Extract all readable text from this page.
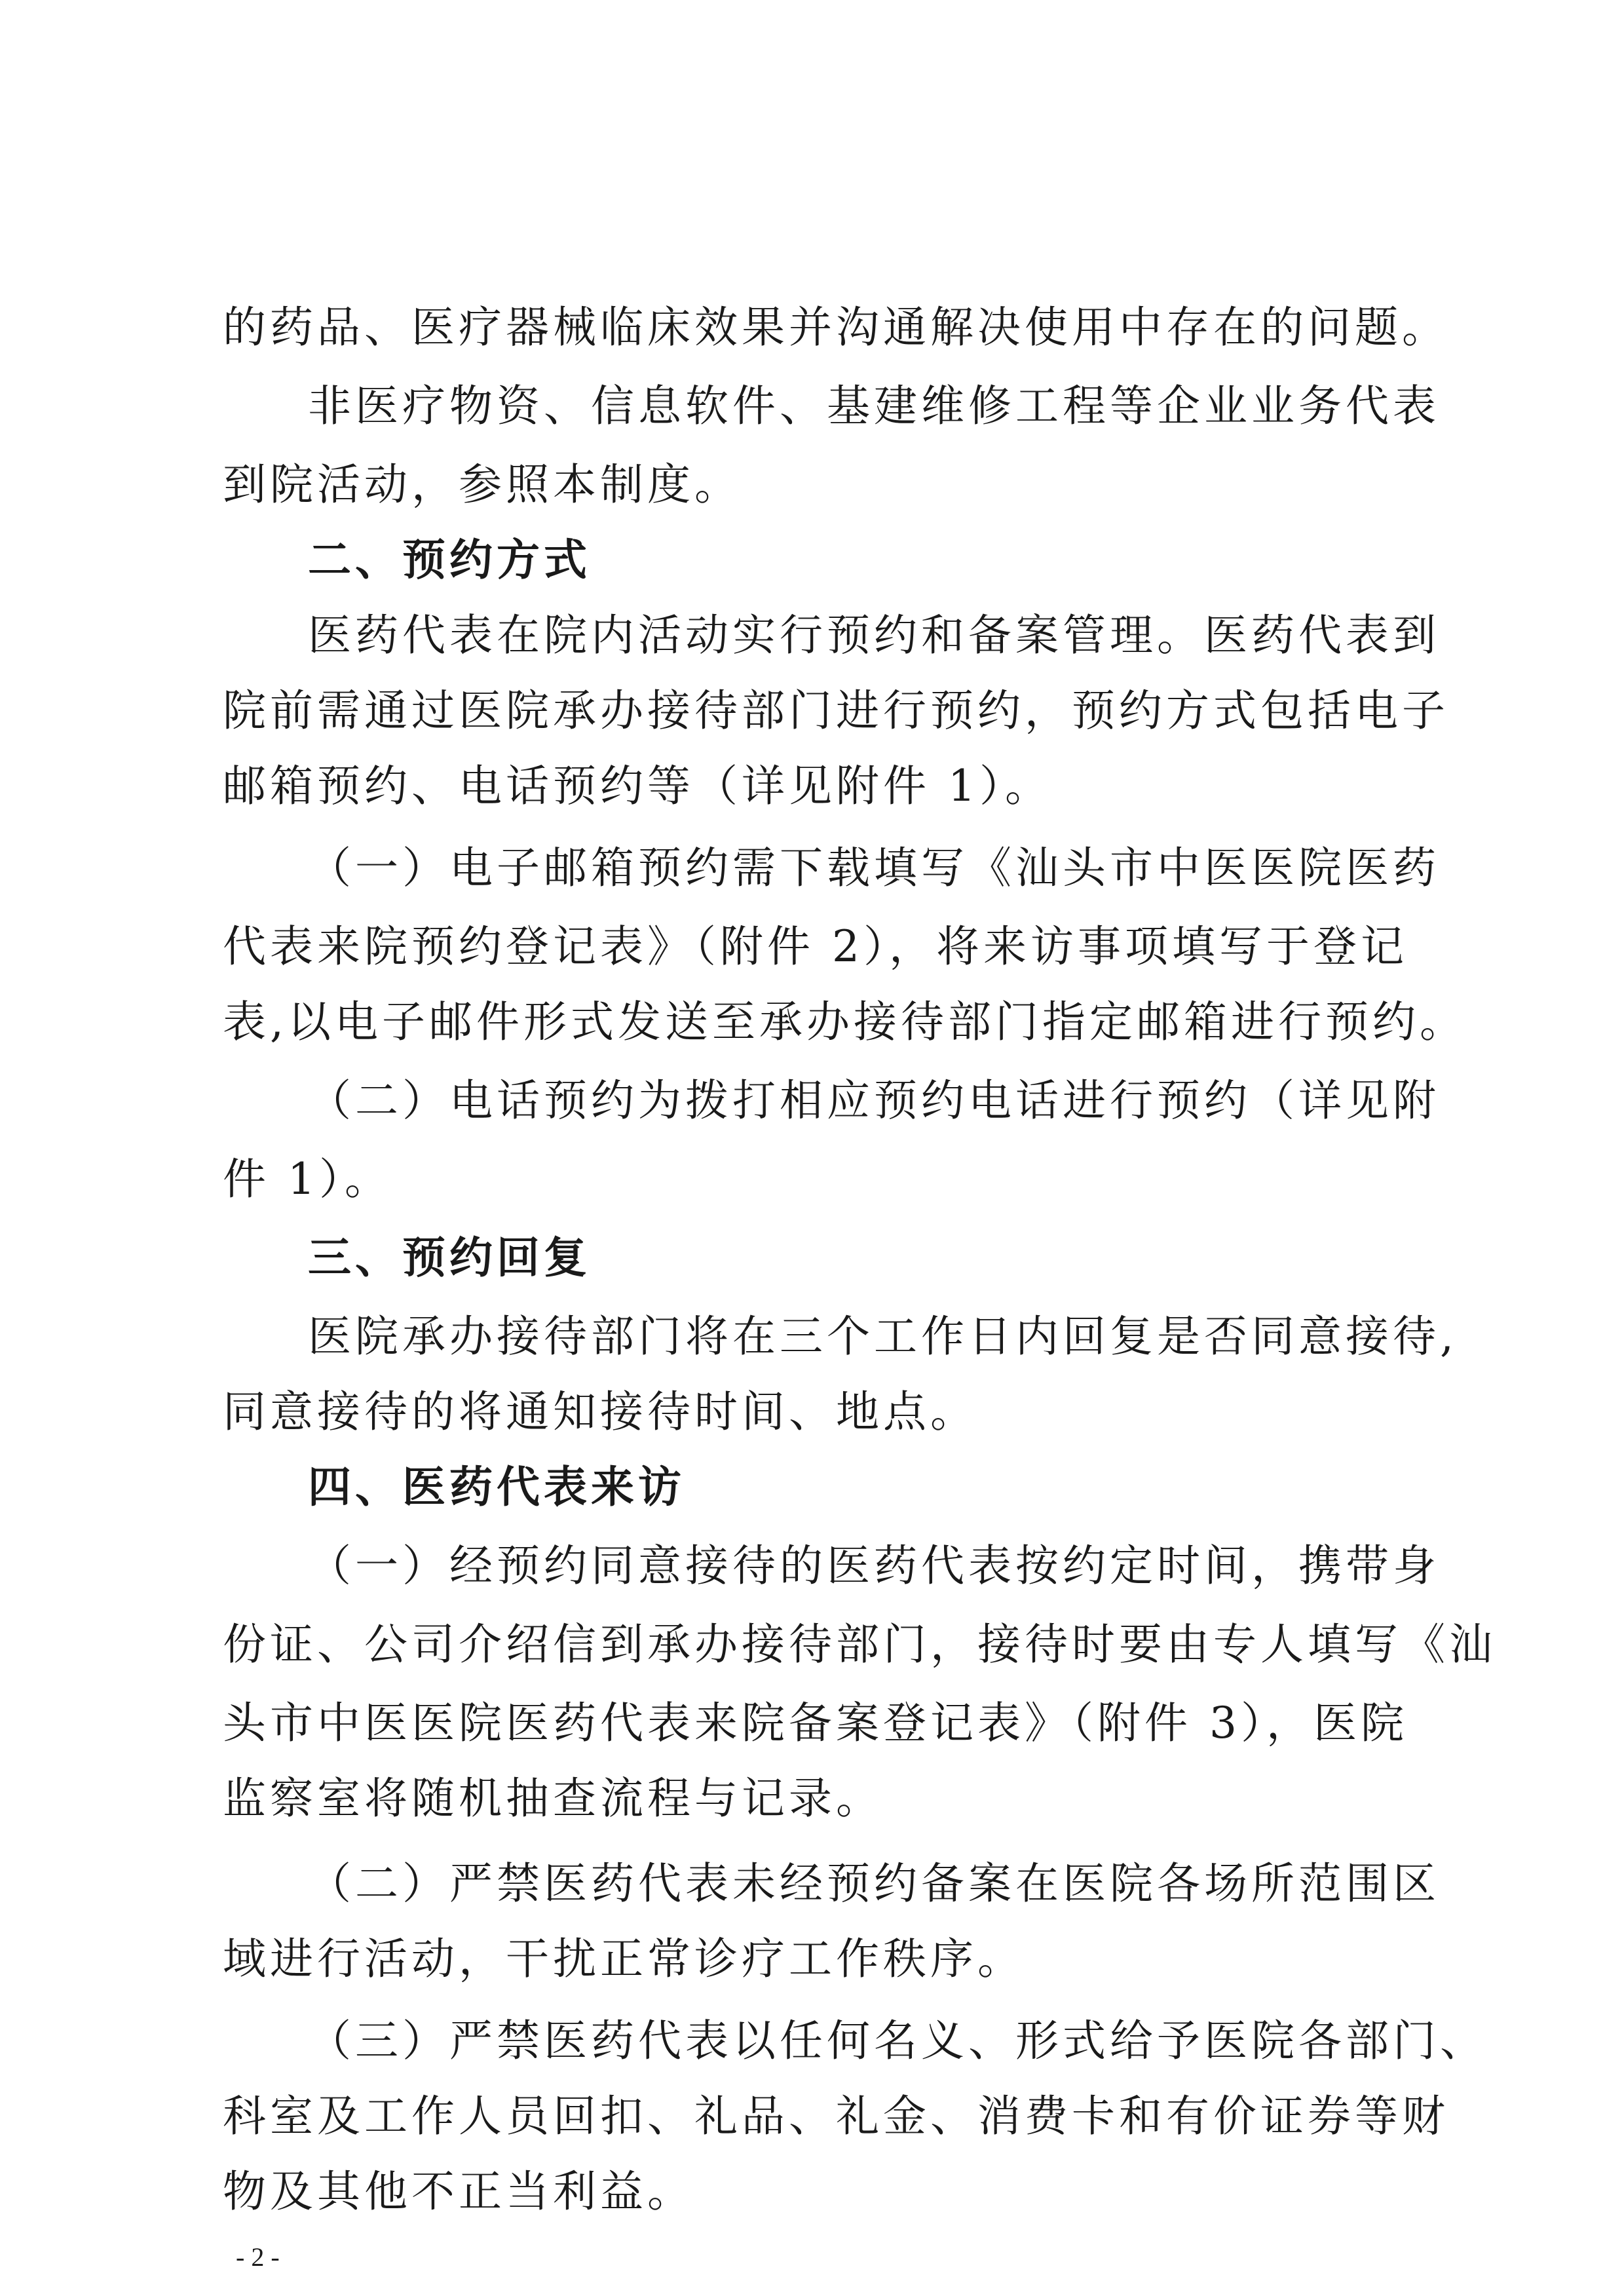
的药品、医疗器械临床效果并沟通解决使用中存在的问题。
非医疗物资、信息软件、基建维修工程等企业业务代表
到院活动，参照本制度。
二、预约方式
医药代表在院内活动实行预约和备案管理。医药代表到
院前需通过医院承办接待部门进行预约，预约方式包括电子
邮箱预约、电话预约等（详见附件 1）。
（一）电子邮箱预约需下载填写《汕头市中医医院医药
代表来院预约登记表》（附件 2），将来访事项填写于登记
表,以电子邮件形式发送至承办接待部门指定邮箱进行预约。
（二）电话预约为拨打相应预约电话进行预约（详见附
件 1）。
三、预约回复
医院承办接待部门将在三个工作日内回复是否同意接待,
同意接待的将通知接待时间、地点。
四、医药代表来访
（一）经预约同意接待的医药代表按约定时间，携带身
份证、公司介绍信到承办接待部门，接待时要由专人填写《汕
头市中医医院医药代表来院备案登记表》（附件 3），医院
监察室将随机抽查流程与记录。
（二）严禁医药代表未经预约备案在医院各场所范围区
域进行活动，干扰正常诊疗工作秩序。
（三）严禁医药代表以任何名义、形式给予医院各部门、
科室及工作人员回扣、礼品、礼金、消费卡和有价证券等财
物及其他不正当利益。
- 2 -
